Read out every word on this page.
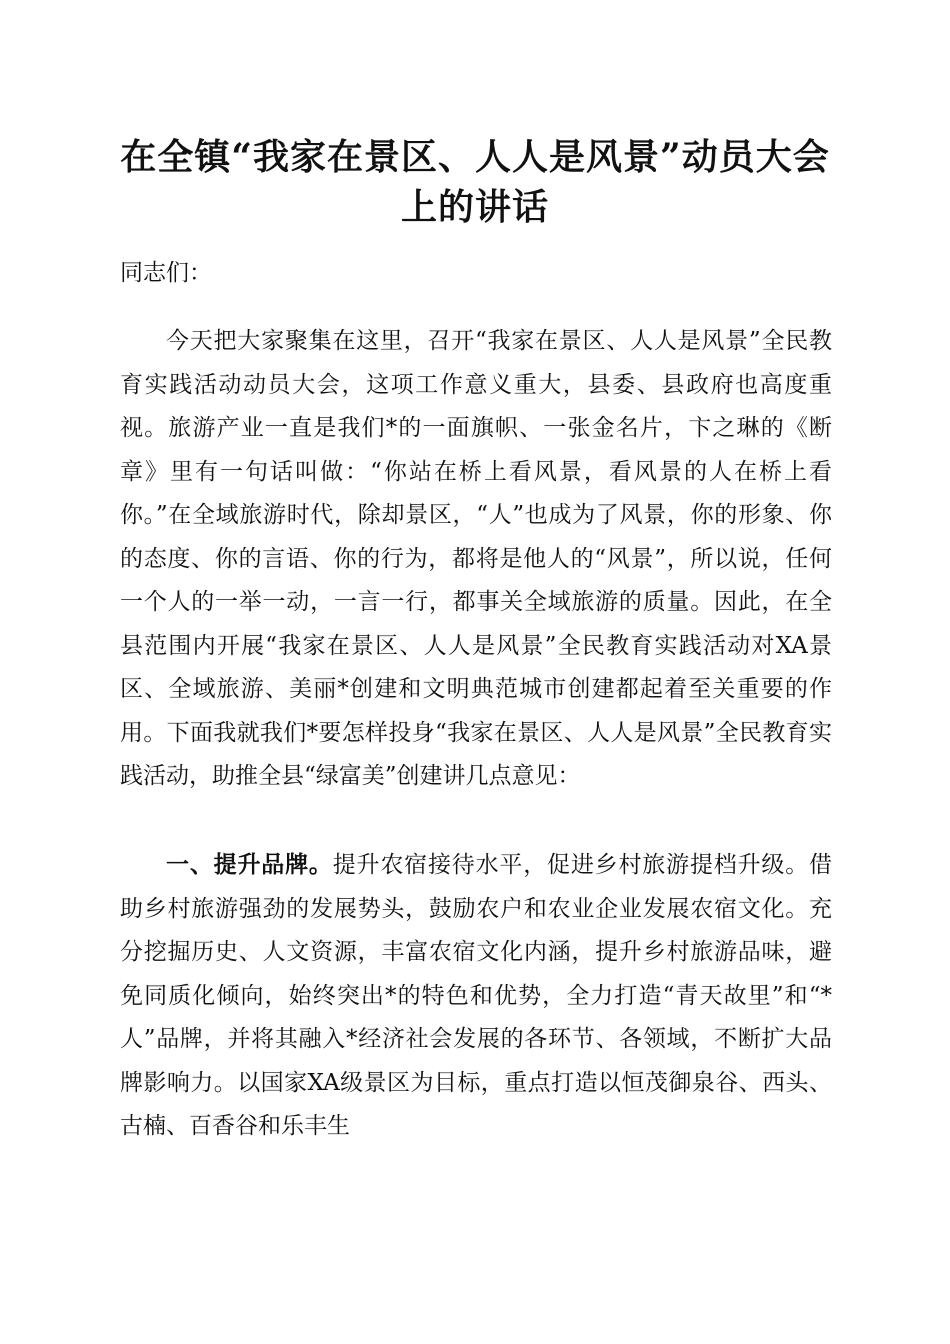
在全镇“我家在景区、人人是风景”动员大会
上的讲话
同志们：
今天把大家聚集在这里，召开“我家在景区、人人是风景”全民教育实践活动动员大会，这项工作意义重大，县委、县政府也高度重视。旅游产业一直是我们*的一面旗帜、一张金名片，卞之琳的《断章》里有一句话叫做：“你站在桥上看风景，看风景的人在桥上看你。”在全域旅游时代，除却景区，“人”也成为了风景，你的形象、你的态度、你的言语、你的行为，都将是他人的“风景”，所以说，任何一个人的一举一动，一言一行，都事关全域旅游的质量。因此，在全县范围内开展“我家在景区、人人是风景”全民教育实践活动对XA景区、全域旅游、美丽*创建和文明典范城市创建都起着至关重要的作用。下面我就我们*要怎样投身“我家在景区、人人是风景”全民教育实践活动，助推全县“绿富美”创建讲几点意见：
一、提升品牌。提升农宿接待水平，促进乡村旅游提档升级。借助乡村旅游强劲的发展势头，鼓励农户和农业企业发展农宿文化。充分挖掘历史、人文资源，丰富农宿文化内涵，提升乡村旅游品味，避免同质化倾向，始终突出*的特色和优势，全力打造“青天故里”和“*人”品牌，并将其融入*经济社会发展的各环节、各领域，不断扩大品牌影响力。以国家XA级景区为目标，重点打造以恒茂御泉谷、西头、古楠、百香谷和乐丰生
